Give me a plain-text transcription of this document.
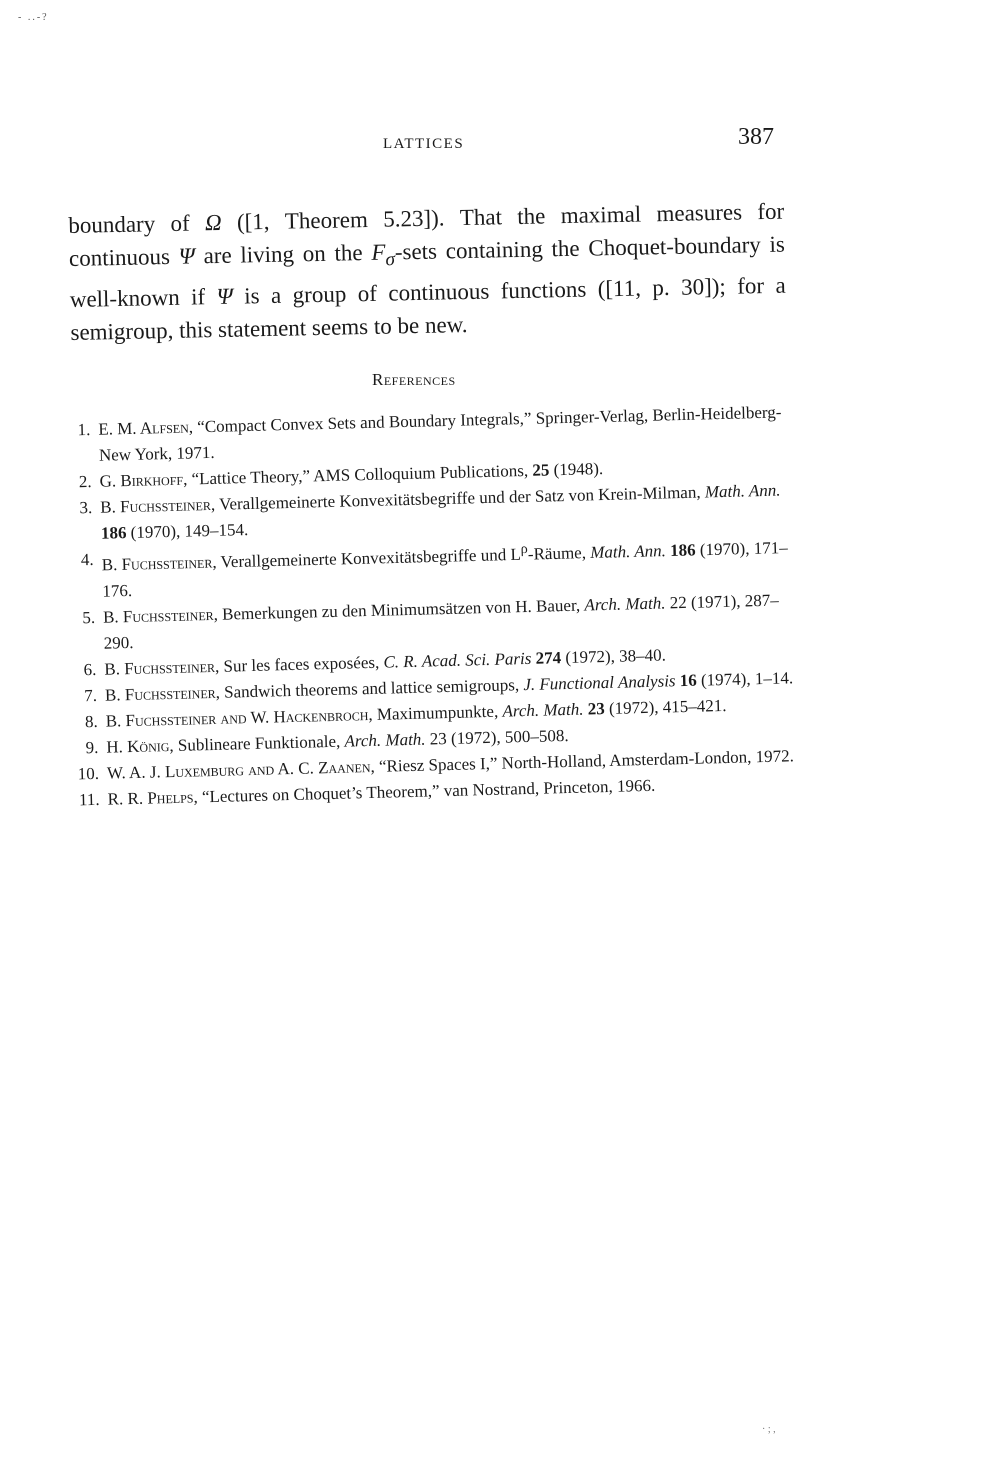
- ..-?
LATTICES	387

boundary of Ω ([1, Theorem 5.23]). That the maximal measures for continuous Ψ are living on the $F_\sigma$-sets containing the Choquet-boundary is well-known if Ψ is a group of continuous functions ([11, p. 30]); for a semigroup, this statement seems to be new.

References
1. E. M. Alfsen, “Compact Convex Sets and Boundary Integrals,” Springer-Verlag, Berlin-Heidelberg-New York, 1971.
2. G. Birkhoff, “Lattice Theory,” AMS Colloquium Publications, 25 (1948).
3. B. Fuchssteiner, Verallgemeinerte Konvexitätsbegriffe und der Satz von Krein-Milman, Math. Ann. 186 (1970), 149–154.
4. B. Fuchssteiner, Verallgemeinerte Konvexitätsbegriffe und $L^\rho$-Räume, Math. Ann. 186 (1970), 171–176.
5. B. Fuchssteiner, Bemerkungen zu den Minimumsätzen von H. Bauer, Arch. Math. 22 (1971), 287–290.
6. B. Fuchssteiner, Sur les faces exposées, C. R. Acad. Sci. Paris 274 (1972), 38–40.
7. B. Fuchssteiner, Sandwich theorems and lattice semigroups, J. Functional Analysis 16 (1974), 1–14.
8. B. Fuchssteiner and W. Hackenbroch, Maximumpunkte, Arch. Math. 23 (1972), 415–421.
9. H. König, Sublineare Funktionale, Arch. Math. 23 (1972), 500–508.
10. W. A. J. Luxemburg and A. C. Zaanen, “Riesz Spaces I,” North-Holland, Amsterdam-London, 1972.
11. R. R. Phelps, “Lectures on Choquet’s Theorem,” van Nostrand, Princeton, 1966.
· ; ,
